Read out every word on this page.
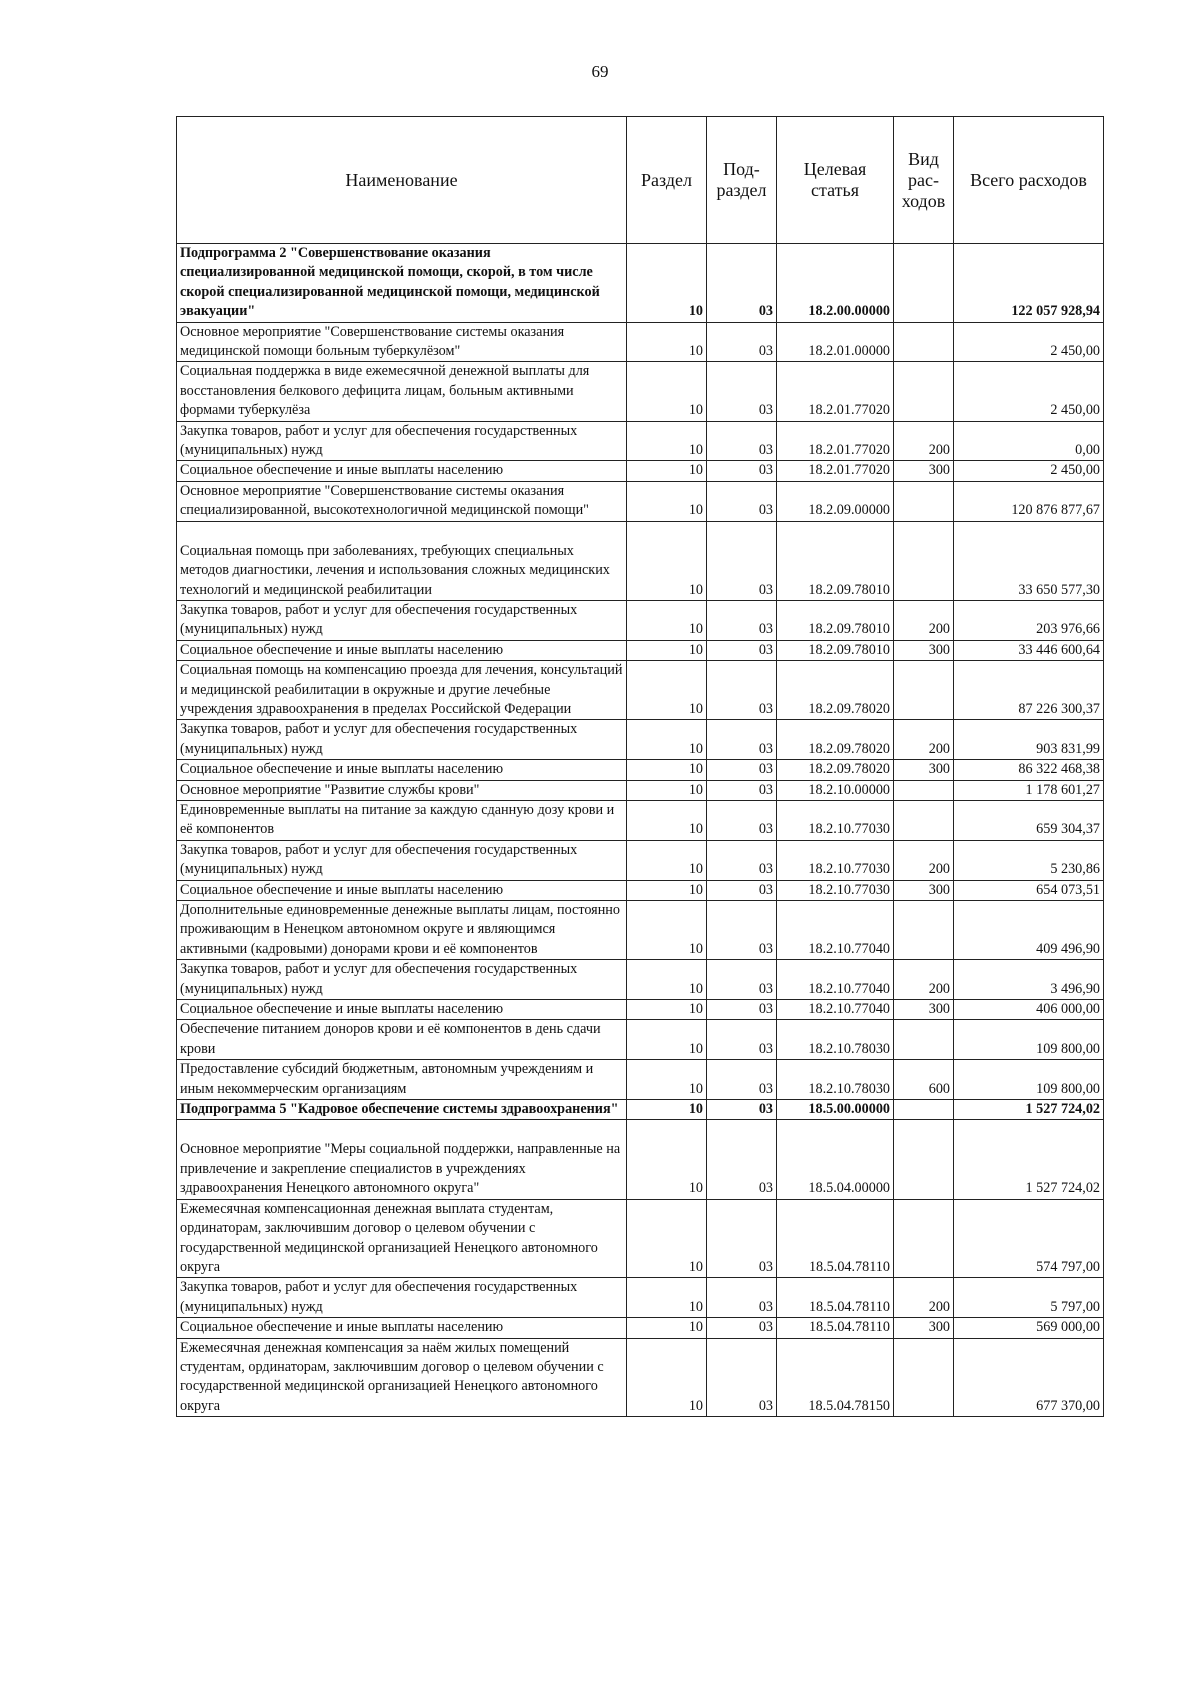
69
Наименование	Раздел	Под- раздел	Целевая статья	Вид рас- ходов	Всего расходов
Подпрограмма 2 "Совершенствование оказания специализированной медицинской помощи, скорой, в том числе скорой специализированной медицинской помощи, медицинской эвакуации"	10	03	18.2.00.00000		122 057 928,94
Основное мероприятие "Совершенствование системы оказания медицинской помощи больным туберкулёзом"	10	03	18.2.01.00000		2 450,00
Социальная поддержка в виде ежемесячной денежной выплаты для восстановления белкового дефицита лицам, больным активными формами туберкулёза	10	03	18.2.01.77020		2 450,00
Закупка товаров, работ и услуг для обеспечения государственных (муниципальных) нужд	10	03	18.2.01.77020	200	0,00
Социальное обеспечение и иные выплаты населению	10	03	18.2.01.77020	300	2 450,00
Основное мероприятие "Совершенствование системы оказания специализированной, высокотехнологичной медицинской помощи"	10	03	18.2.09.00000		120 876 877,67
Социальная помощь при заболеваниях, требующих специальных методов диагностики, лечения и использования сложных медицинских технологий и медицинской реабилитации	10	03	18.2.09.78010		33 650 577,30
Закупка товаров, работ и услуг для обеспечения государственных (муниципальных) нужд	10	03	18.2.09.78010	200	203 976,66
Социальное обеспечение и иные выплаты населению	10	03	18.2.09.78010	300	33 446 600,64
Социальная помощь на компенсацию проезда для лечения, консультаций и медицинской реабилитации в окружные и другие лечебные учреждения здравоохранения в пределах Российской Федерации	10	03	18.2.09.78020		87 226 300,37
Закупка товаров, работ и услуг для обеспечения государственных (муниципальных) нужд	10	03	18.2.09.78020	200	903 831,99
Социальное обеспечение и иные выплаты населению	10	03	18.2.09.78020	300	86 322 468,38
Основное мероприятие "Развитие службы крови"	10	03	18.2.10.00000		1 178 601,27
Единовременные выплаты на питание за каждую сданную дозу крови и её компонентов	10	03	18.2.10.77030		659 304,37
Закупка товаров, работ и услуг для обеспечения государственных (муниципальных) нужд	10	03	18.2.10.77030	200	5 230,86
Социальное обеспечение и иные выплаты населению	10	03	18.2.10.77030	300	654 073,51
Дополнительные единовременные денежные выплаты лицам, постоянно проживающим в Ненецком автономном округе и являющимся активными (кадровыми) донорами крови и её компонентов	10	03	18.2.10.77040		409 496,90
Закупка товаров, работ и услуг для обеспечения государственных (муниципальных) нужд	10	03	18.2.10.77040	200	3 496,90
Социальное обеспечение и иные выплаты населению	10	03	18.2.10.77040	300	406 000,00
Обеспечение питанием доноров крови и её компонентов в день сдачи крови	10	03	18.2.10.78030		109 800,00
Предоставление субсидий бюджетным, автономным учреждениям и иным некоммерческим организациям	10	03	18.2.10.78030	600	109 800,00
Подпрограмма 5 "Кадровое обеспечение системы здравоохранения"	10	03	18.5.00.00000		1 527 724,02
Основное мероприятие "Меры социальной поддержки, направленные на привлечение и закрепление специалистов в учреждениях здравоохранения Ненецкого автономного округа"	10	03	18.5.04.00000		1 527 724,02
Ежемесячная компенсационная денежная выплата студентам, ординаторам, заключившим договор о целевом обучении с государственной медицинской организацией Ненецкого автономного округа	10	03	18.5.04.78110		574 797,00
Закупка товаров, работ и услуг для обеспечения государственных (муниципальных) нужд	10	03	18.5.04.78110	200	5 797,00
Социальное обеспечение и иные выплаты населению	10	03	18.5.04.78110	300	569 000,00
Ежемесячная денежная компенсация за наём жилых помещений студентам, ординаторам, заключившим договор о целевом обучении с государственной медицинской организацией Ненецкого автономного округа	10	03	18.5.04.78150		677 370,00
